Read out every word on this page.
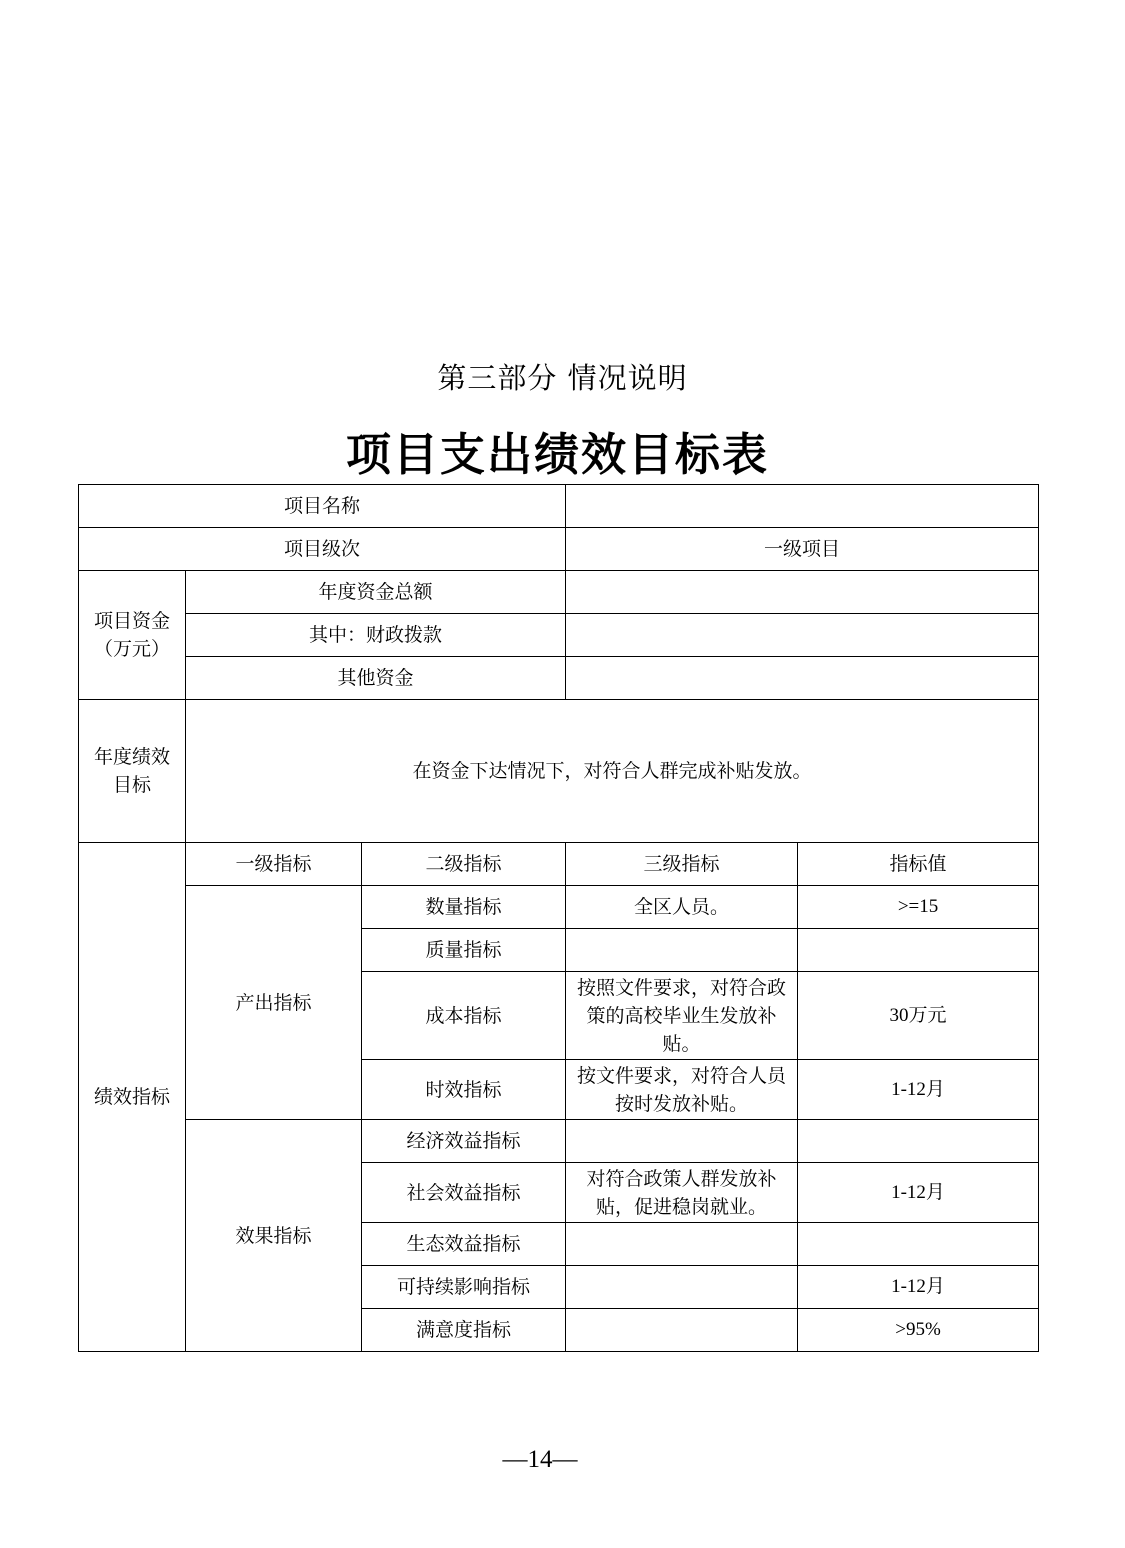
第三部分 情况说明
项目支出绩效目标表
项目名称				
项目级次			一级项目	

项目资金
（万元）	年度资金总额			
	其中：财政拨款			
	其他资金			

年度绩效
目标	在资金下达情况下，对符合人群完成补贴发放。			
绩效指标	一级指标	二级指标	三级指标	指标值
	产出指标	数量指标	全区人员。	>=15
		质量指标		
		成本指标	按照文件要求，对符合政策的高校毕业生发放补贴。	30万元
		时效指标	按文件要求，对符合人员按时发放补贴。	1-12月
	效果指标	经济效益指标		
		社会效益指标	对符合政策人群发放补贴，促进稳岗就业。	1-12月
		生态效益指标		
		可持续影响指标		1-12月
		满意度指标		>95%
—14—
